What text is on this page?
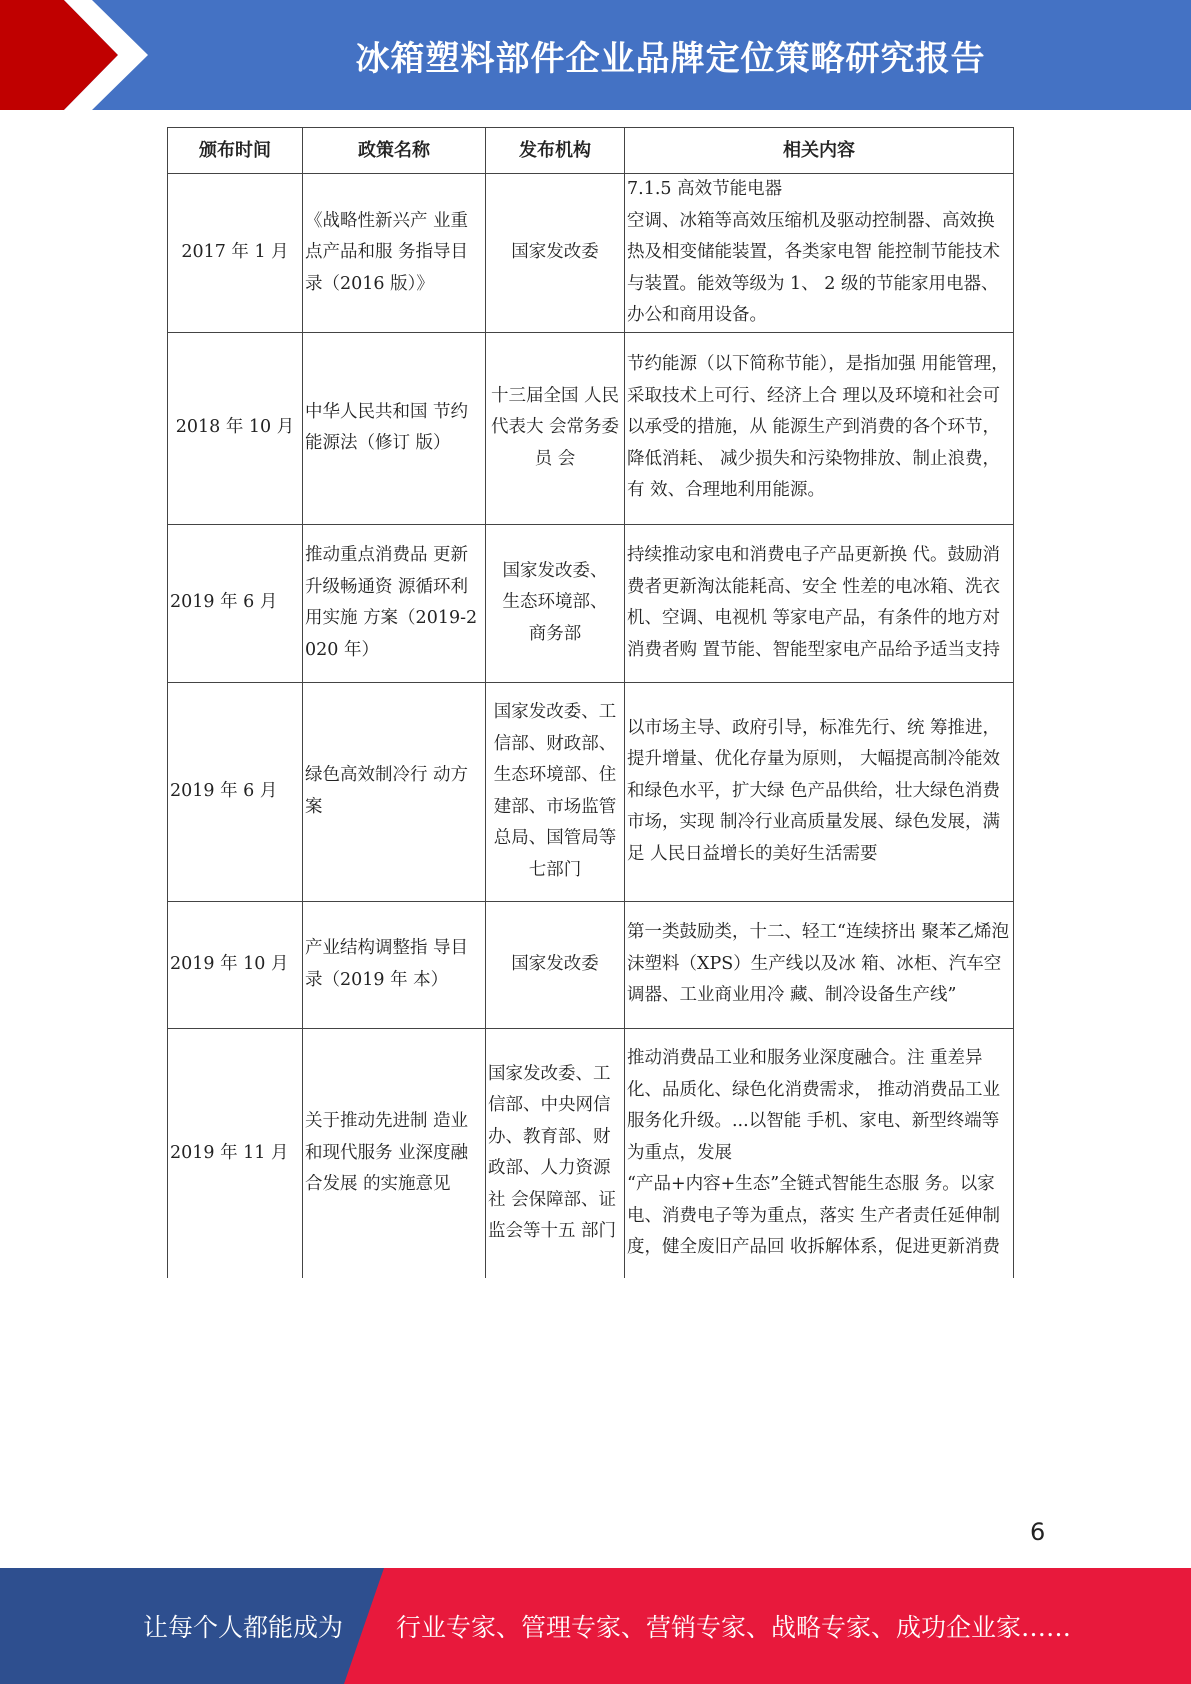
冰箱塑料部件企业品牌定位策略研究报告
颁布时间	政策名称	发布机构	相关内容
2017 年 1 月	《战略性新兴产 业重点产品和服 务指导目录（2016 版）》	国家发改委	7.1.5 高效节能电器
空调、冰箱等高效压缩机及驱动控制器、高效换热及相变储能装置，各类家电智 能控制节能技术与装置。能效等级为 1、 2 级的节能家用电器、办公和商用设备。
2018 年 10 月	中华人民共和国 节约能源法（修订 版）	十三届全国 人民代表大 会常务委员 会	节约能源（以下简称节能），是指加强 用能管理，采取技术上可行、经济上合 理以及环境和社会可以承受的措施，从 能源生产到消费的各个环节，降低消耗、 减少损失和污染物排放、制止浪费，有 效、合理地利用能源。
2019 年 6 月	推动重点消费品 更新升级畅通资 源循环利用实施 方案（2019-2020 年）	国家发改委、
生态环境部、
商务部	持续推动家电和消费电子产品更新换 代。鼓励消费者更新淘汰能耗高、安全 性差的电冰箱、洗衣机、空调、电视机 等家电产品，有条件的地方对消费者购 置节能、智能型家电产品给予适当支持
2019 年 6 月	绿色高效制冷行 动方案	国家发改委、工信部、财政部、生态环境部、住建部、市场监管总局、国管局等七部门	以市场主导、政府引导，标准先行、统 筹推进，提升增量、优化存量为原则， 大幅提高制冷能效和绿色水平，扩大绿 色产品供给，壮大绿色消费市场，实现 制冷行业高质量发展、绿色发展，满足 人民日益增长的美好生活需要
2019 年 10 月	产业结构调整指 导目录（2019 年 本）	国家发改委	第一类鼓励类，十二、轻工“连续挤出 聚苯乙烯泡沫塑料（XPS）生产线以及冰 箱、冰柜、汽车空调器、工业商业用冷 藏、制冷设备生产线”
2019 年 11 月	关于推动先进制 造业和现代服务 业深度融合发展 的实施意见	国家发改委、工信部、中央网信办、教育部、财政部、人力资源社 会保障部、证 监会等十五 部门	推动消费品工业和服务业深度融合。注 重差异化、品质化、绿色化消费需求， 推动消费品工业服务化升级。...以智能 手机、家电、新型终端等为重点，发展
“产品+内容+生态”全链式智能生态服 务。以家电、消费电子等为重点，落实 生产者责任延伸制度，健全废旧产品回 收拆解体系，促进更新消费
6
让每个人都能成为 行业专家、管理专家、营销专家、战略专家、成功企业家……
